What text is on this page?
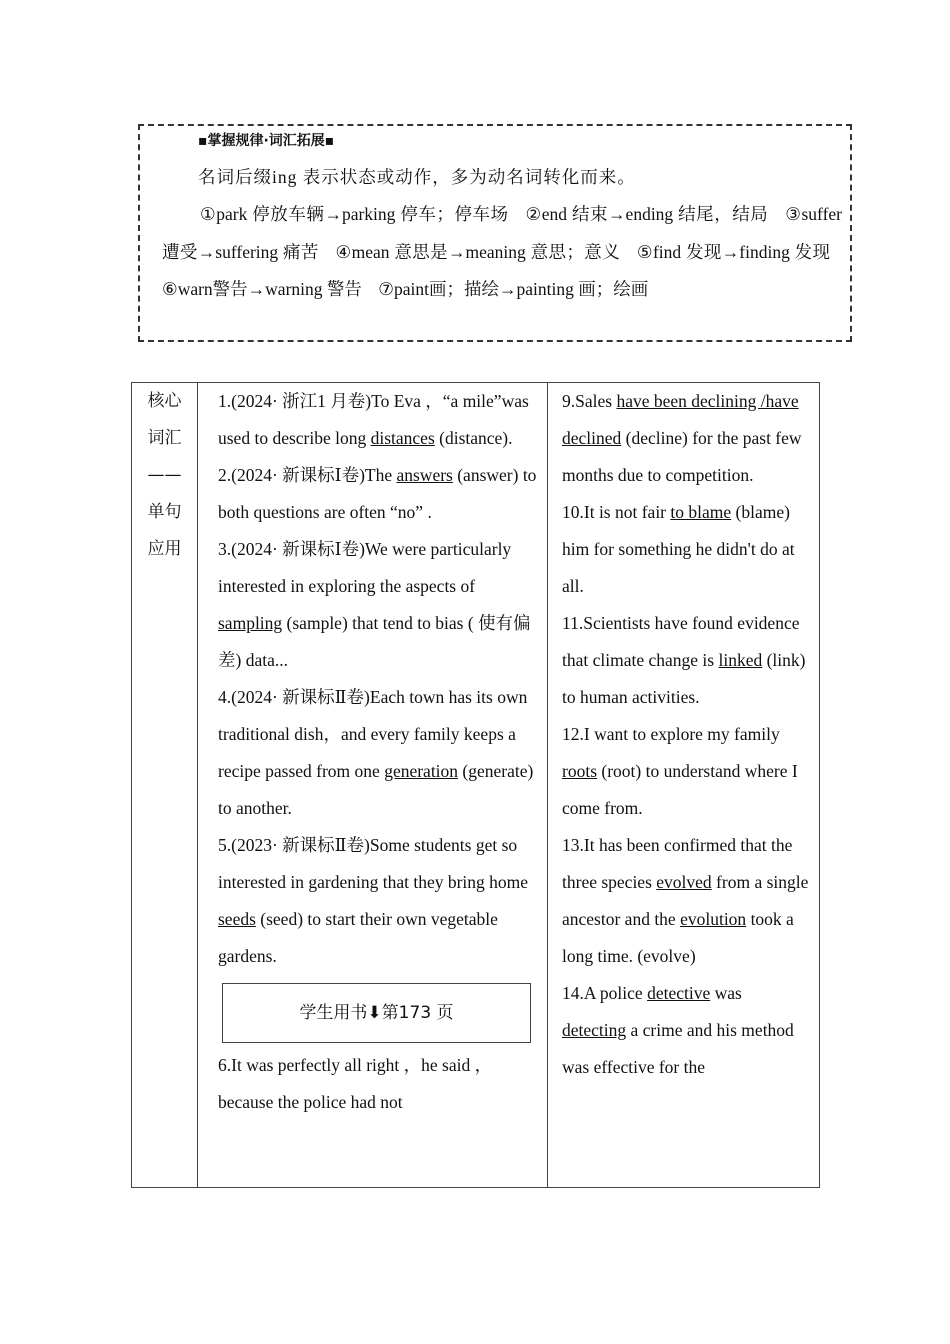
▪掌握规律·词汇拓展▪
名词后缀ing 表示状态或动作，多为动名词转化而来。
①park 停放车辆→parking 停车；停车场 ②end 结束→ending 结尾，结局 ③suffer 遭受→suffering 痛苦 ④mean 意思是→meaning 意思；意义 ⑤find 发现→finding 发现 ⑥warn警告→warning 警告 ⑦paint画；描绘→painting 画；绘画
核心词汇——单句应用

1.(2024· 浙江1 月卷)To Eva ，“a mile”was used to describe long distances (distance).

2.(2024· 新课标Ⅰ卷)The answers (answer) to both questions are often “no” .

3.(2024· 新课标Ⅰ卷)We were particularly interested in exploring the aspects of sampling (sample) that tend to bias ( 使有偏差) data...

4.(2024· 新课标Ⅱ卷)Each town has its own traditional dish，and every family keeps a recipe passed from one generation (generate) to another.

5.(2023· 新课标Ⅱ卷)Some students get so interested in gardening that they bring home seeds (seed) to start their own vegetable gardens.

学生用书⬇第173 页

6.It was perfectly all right ，he said ，because the police had not

9.Sales have been declining /have declined (decline) for the past few months due to competition.

10.It is not fair to blame (blame) him for something he didn't do at all.

11.Scientists have found evidence that climate change is linked (link) to human activities.

12.I want to explore my family roots (root) to understand where I come from.

13.It has been confirmed that the three species evolved from a single ancestor and the evolution took a long time. (evolve)

14.A police detective was detecting a crime and his method was effective for the
